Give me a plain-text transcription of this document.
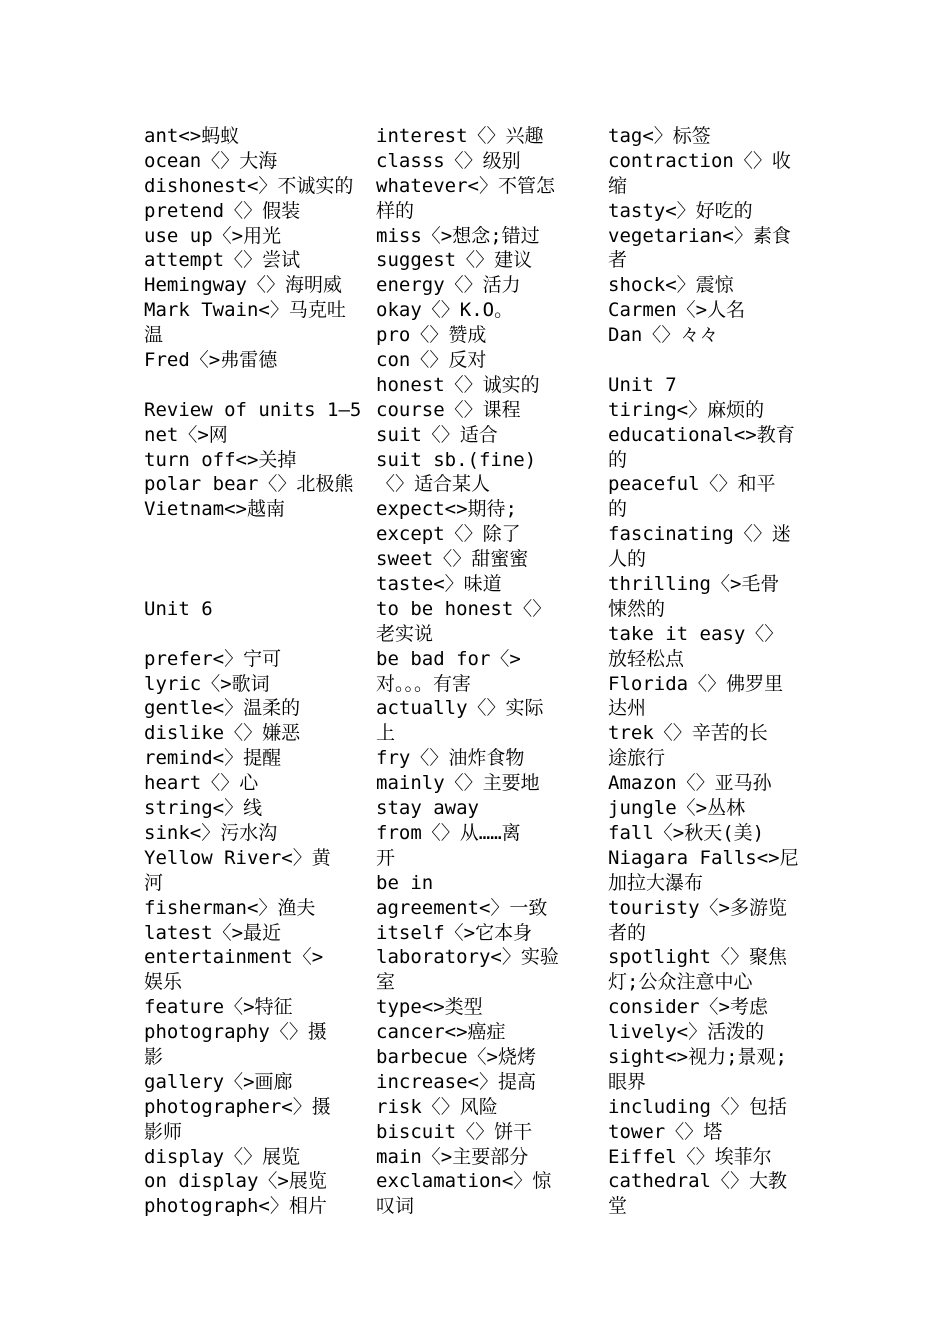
ant<>蚂蚁
ocean〈〉大海
dishonest<〉不诚实的
pretend〈〉假装
use up〈>用光
attempt〈〉尝试
Hemingway〈〉海明威
Mark Twain<〉马克吐
温
Fred〈>弗雷德
Review of units 1—5
net〈>网
turn off<>关掉
polar bear〈〉北极熊
Vietnam<>越南
Unit 6
prefer<〉宁可
lyric〈>歌词
gentle<〉温柔的
dislike〈〉嫌恶
remind<〉提醒
heart〈〉心
string<〉线
sink<〉污水沟
Yellow River<〉黄
河
fisherman<〉渔夫
latest〈>最近
entertainment〈>
娱乐
feature〈>特征
photography〈〉摄
影
gallery〈>画廊
photographer<〉摄
影师
display〈〉展览
on display〈>展览
photograph<〉相片
interest〈〉兴趣
classs〈〉级别
whatever<〉不管怎
样的
miss〈>想念;错过
suggest〈〉建议
energy〈〉活力
okay〈〉K.O。
pro〈〉赞成
con〈〉反对
honest〈〉诚实的
course〈〉课程
suit〈〉适合
suit sb.(fine)
〈〉适合某人
expect<>期待;
except〈〉除了
sweet〈〉甜蜜蜜
taste<〉味道
to be honest〈〉
老实说
be bad for〈>
对。。。有害
actually〈〉实际
上
fry〈〉油炸食物
mainly〈〉主要地
stay away
from〈〉从……离
开
be in
agreement<〉一致
itself〈>它本身
laboratory<〉实验
室
type<>类型
cancer<>癌症
barbecue〈>烧烤
increase<〉提高
risk〈〉风险
biscuit〈〉饼干
main〈>主要部分
exclamation<〉惊
叹词
tag<〉标签
contraction〈〉收
缩
tasty<〉好吃的
vegetarian<〉素食
者
shock<〉震惊
Carmen〈>人名
Dan〈〉々々
Unit 7
tiring<〉麻烦的
educational<>教育
的
peaceful〈〉和平
的
fascinating〈〉迷
人的
thrilling〈>毛骨
悚然的
take it easy〈〉
放轻松点
Florida〈〉佛罗里
达州
trek〈〉辛苦的长
途旅行
Amazon〈〉亚马孙
jungle〈>丛林
fall〈>秋天(美)
Niagara Falls<>尼
加拉大瀑布
touristy〈>多游览
者的
spotlight〈〉聚焦
灯;公众注意中心
consider〈>考虑
lively<〉活泼的
sight<>视力;景观;
眼界
including〈〉包括
tower〈〉塔
Eiffel〈〉埃菲尔
cathedral〈〉大教
堂
